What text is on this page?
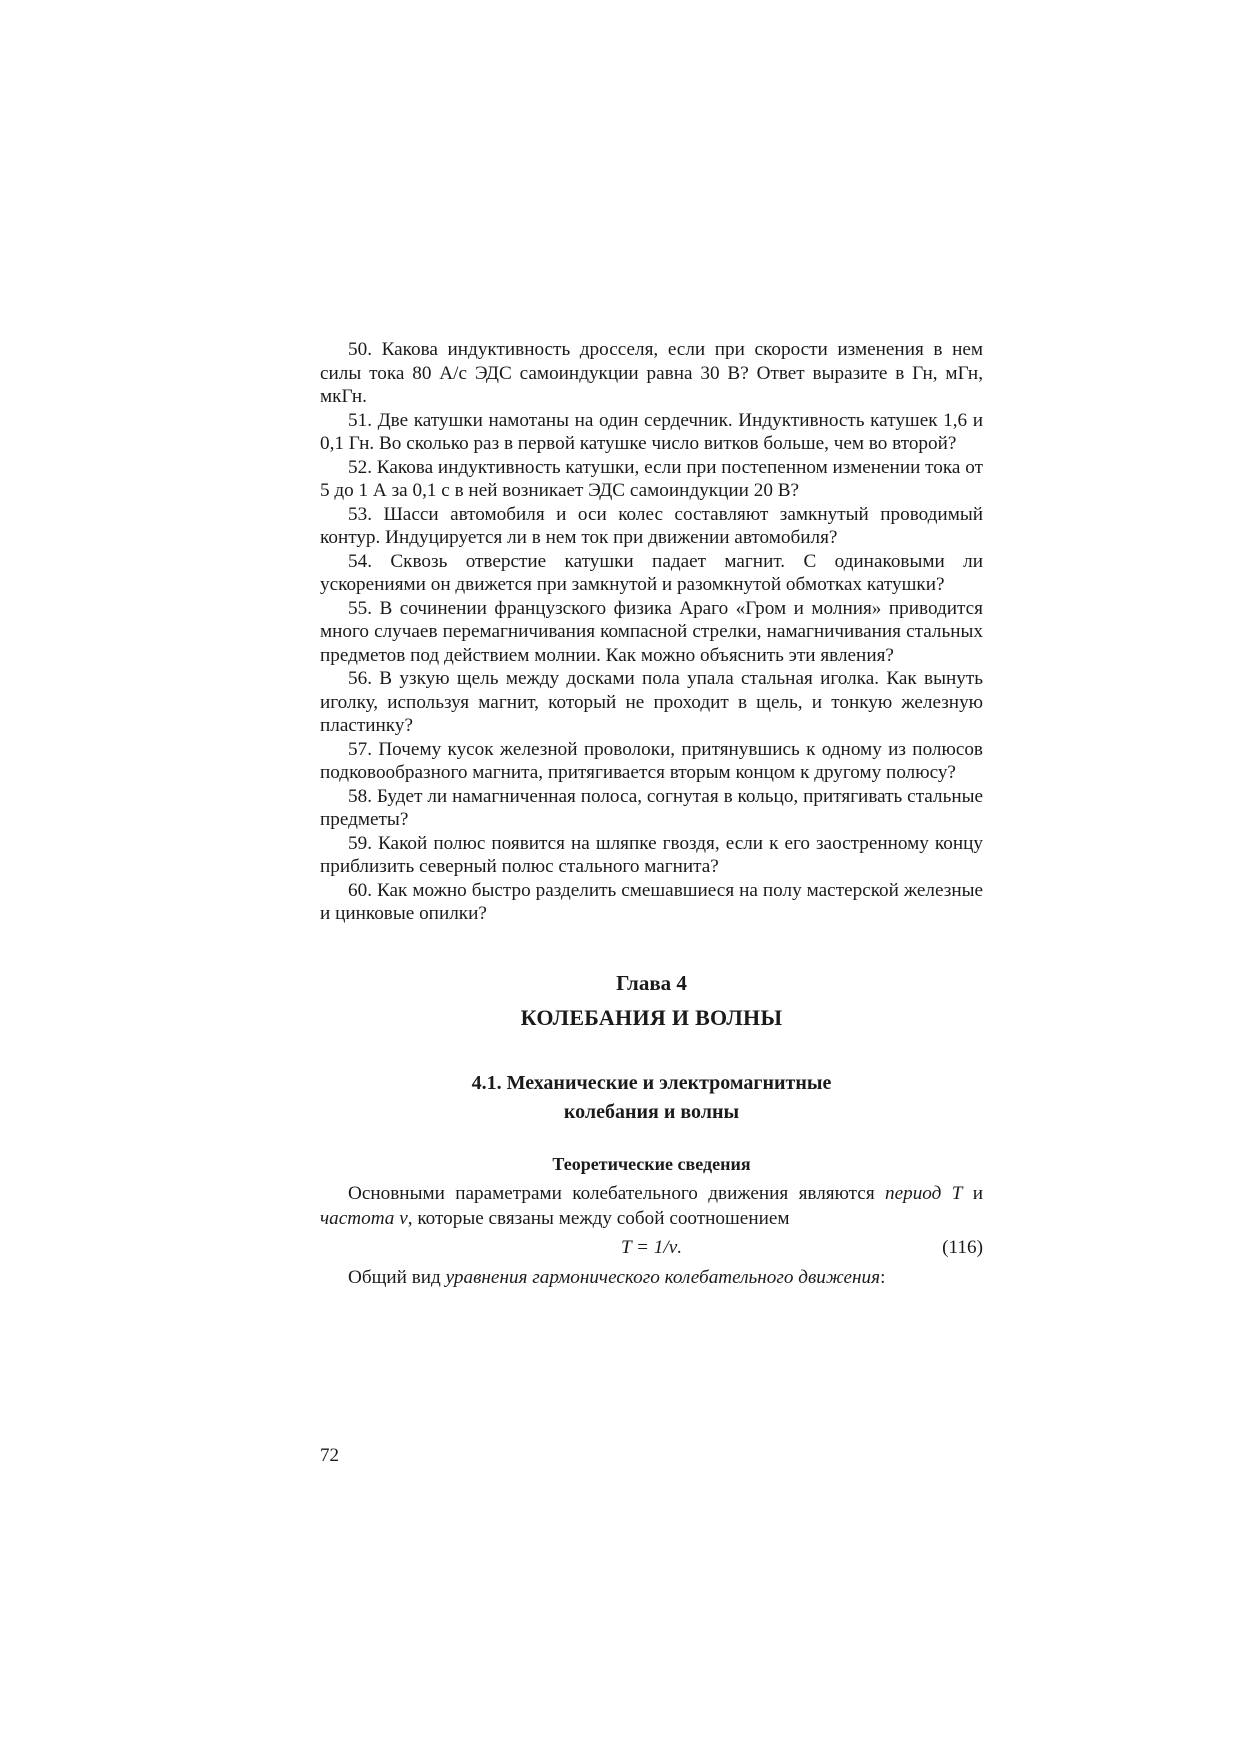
50. Какова индуктивность дросселя, если при скорости изменения в нем силы тока 80 А/с ЭДС самоиндукции равна 30 В? Ответ выразите в Гн, мГн, мкГн.

51. Две катушки намотаны на один сердечник. Индуктивность катушек 1,6 и 0,1 Гн. Во сколько раз в первой катушке число витков больше, чем во второй?

52. Какова индуктивность катушки, если при постепенном изменении тока от 5 до 1 А за 0,1 с в ней возникает ЭДС самоиндукции 20 В?

53. Шасси автомобиля и оси колес составляют замкнутый проводимый контур. Индуцируется ли в нем ток при движении автомобиля?

54. Сквозь отверстие катушки падает магнит. С одинаковыми ли ускорениями он движется при замкнутой и разомкнутой обмотках катушки?

55. В сочинении французского физика Араго «Гром и молния» приводится много случаев перемагничивания компасной стрелки, намагничивания стальных предметов под действием молнии. Как можно объяснить эти явления?

56. В узкую щель между досками пола упала стальная иголка. Как вынуть иголку, используя магнит, который не проходит в щель, и тонкую железную пластинку?

57. Почему кусок железной проволоки, притянувшись к одному из полюсов подковообразного магнита, притягивается вторым концом к другому полюсу?

58. Будет ли намагниченная полоса, согнутая в кольцо, притягивать стальные предметы?

59. Какой полюс появится на шляпке гвоздя, если к его заостренному концу приблизить северный полюс стального магнита?

60. Как можно быстро разделить смешавшиеся на полу мастерской железные и цинковые опилки?

Глава 4
КОЛЕБАНИЯ И ВОЛНЫ
4.1. Механические и электромагнитные
колебания и волны
Теоретические сведения

Основными параметрами колебательного движения являются период Т и частота ν, которые связаны между собой соотношением

T = 1/ν.	(116)

Общий вид уравнения гармонического колебательного движения:

72
